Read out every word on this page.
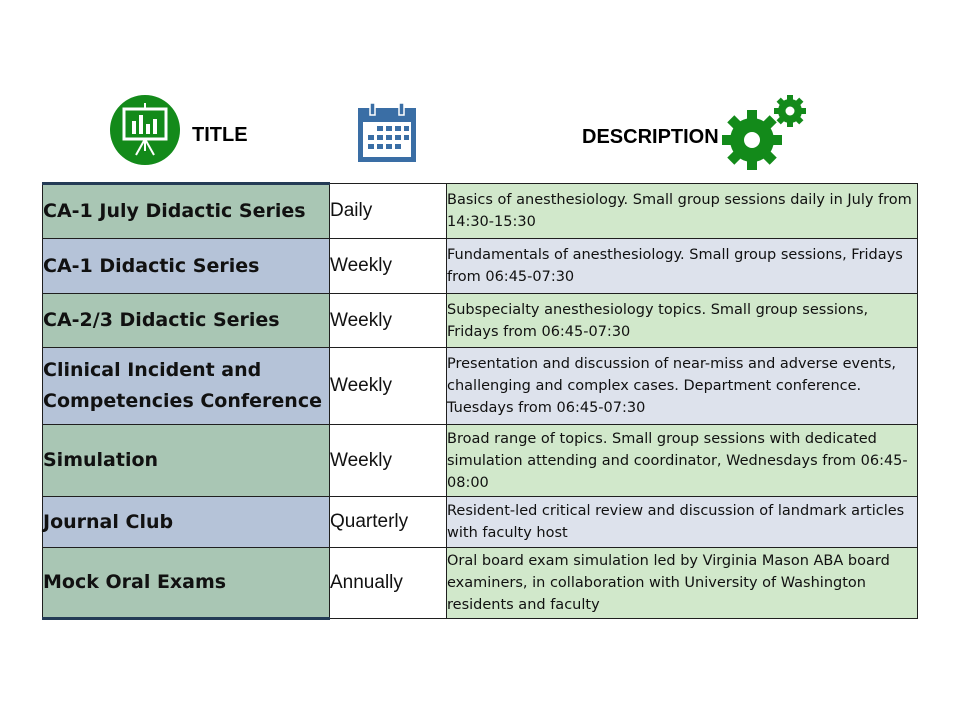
TITLE	DESCRIPTION
CA-1 July Didactic Series	Daily	Basics of anesthesiology. Small group sessions daily in July from 14:30-15:30
CA-1 Didactic Series	Weekly	Fundamentals of anesthesiology. Small group sessions, Fridays from 06:45-07:30
CA-2/3 Didactic Series	Weekly	Subspecialty anesthesiology topics. Small group sessions, Fridays from 06:45-07:30
Clinical Incident and Competencies Conference	Weekly	Presentation and discussion of near-miss and adverse events, challenging and complex cases. Department conference. Tuesdays from 06:45-07:30
Simulation	Weekly	Broad range of topics. Small group sessions with dedicated simulation attending and coordinator, Wednesdays from 06:45-08:00
Journal Club	Quarterly	Resident-led critical review and discussion of landmark articles with faculty host
Mock Oral Exams	Annually	Oral board exam simulation led by Virginia Mason ABA board examiners, in collaboration with University of Washington residents and faculty
